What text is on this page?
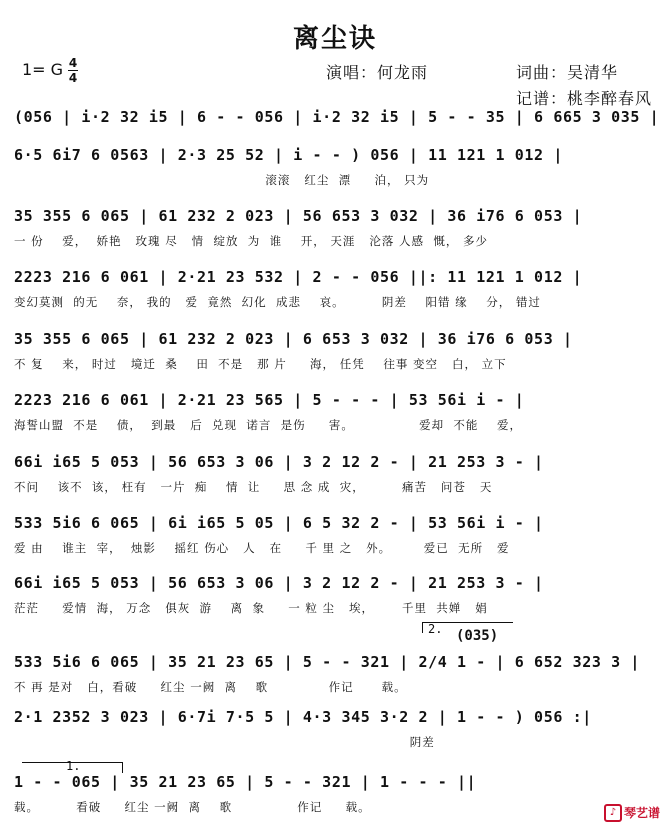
离尘诀
1= G 4
4	演唱：何龙雨	词曲：吴清华
记谱：桃李醉春风
(056 | i·2 32 i5 | 6 - - 056 | i·2 32 i5 | 5 - - 35 | 6 665 3 035 |
6·5 6i7 6 0563 | 2·3 25 52 | i - - ) 056 | 11 121 1 012 |
滚滚   红尘  漂     泊， 只为
35 355 6 065 | 61 232 2 023 | 56 653 3 032 | 36 i76 6 053 |
一 份    爱，  娇艳   玫瑰 尽   情  绽放  为  谁    开， 天涯   沦落 人感  慨， 多少
2223 216 6 061 | 2·21 23 532 | 2 - - 056 ||: 11 121 1 012 |
变幻莫测  的无    奈， 我的   爱  竟然  幻化  成悲    哀。        阴差    阳错 缘    分， 错过
35 355 6 065 | 61 232 2 023 | 6 653 3 032 | 36 i76 6 053 |
不 复    来， 时过   境迁  桑    田  不是   那 片     海， 任凭    往事 变空   白， 立下
2223 216 6 061 | 2·21 23 565 | 5 - - - | 53 56i i - |
海誓山盟  不是    债，  到最   后  兑现  诺言  是伤     害。              爱却  不能    爱，
66i i65 5 053 | 56 653 3 06 | 3 2 12 2 - | 21 253 3 - |
不问    该不  该， 枉有   一片  痴    情  让     思 念 成  灾，        痛苦   问苍   天
533 5i6 6 065 | 6i i65 5 05 | 6 5 32 2 - | 53 56i i - |
爱 由    谁主  宰，  烛影    摇红 伤心   人   在     千 里 之   外。       爱已  无所   爱
66i i65 5 053 | 56 653 3 06 | 3 2 12 2 - | 21 253 3 - |
茫茫     爱情  海， 万念   俱灰  游    离  象     一 粒 尘   埃，      千里  共婵   娟
2. (035)
533 5i6 6 065 | 35 21 23 65 | 5 - - 321 | 2/4 1 - | 6 652 323 3 |
不 再 是对   白，看破     红尘 一阙  离    歌             作记      载。
2·1 2352 3 023 | 6·7i 7·5 5 | 4·3 345 3·2 2 | 1 - - ) 056 :|
阴差
1.
1 - - 065 | 35 21 23 65 | 5 - - 321 | 1 - - - ||
载。        看破     红尘 一阙  离    歌              作记     载。	♪ 琴艺谱
